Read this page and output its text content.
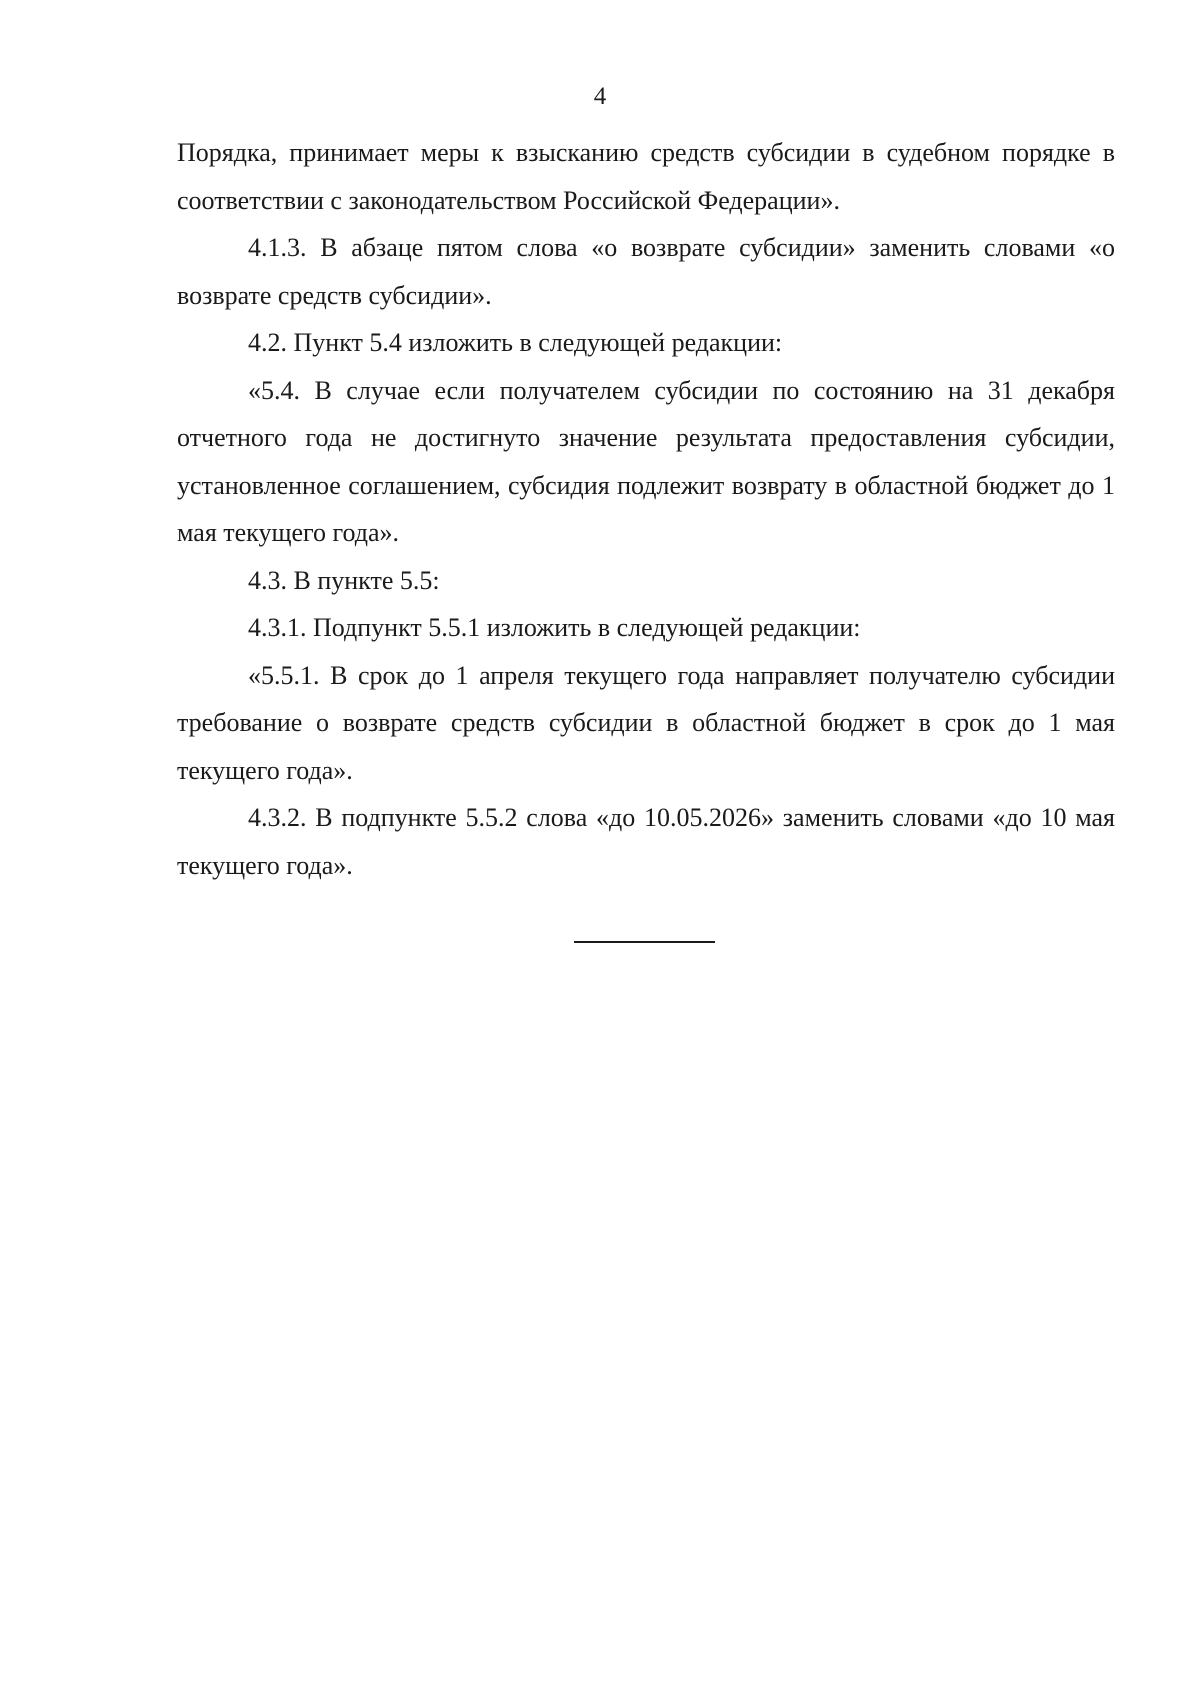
4

Порядка, принимает меры к взысканию средств субсидии в судебном порядке в соответствии с законодательством Российской Федерации».

4.1.3. В абзаце пятом слова «о возврате субсидии» заменить словами «о возврате средств субсидии».

4.2. Пункт 5.4 изложить в следующей редакции:

«5.4. В случае если получателем субсидии по состоянию на 31 декабря отчетного года не достигнуто значение результата предоставления субсидии, установленное соглашением, субсидия подлежит возврату в областной бюджет до 1 мая текущего года».

4.3. В пункте 5.5:

4.3.1. Подпункт 5.5.1 изложить в следующей редакции:

«5.5.1. В срок до 1 апреля текущего года направляет получателю субсидии требование о возврате средств субсидии в областной бюджет в срок до 1 мая текущего года».

4.3.2. В подпункте 5.5.2 слова «до 10.05.2026» заменить словами «до 10 мая текущего года».
